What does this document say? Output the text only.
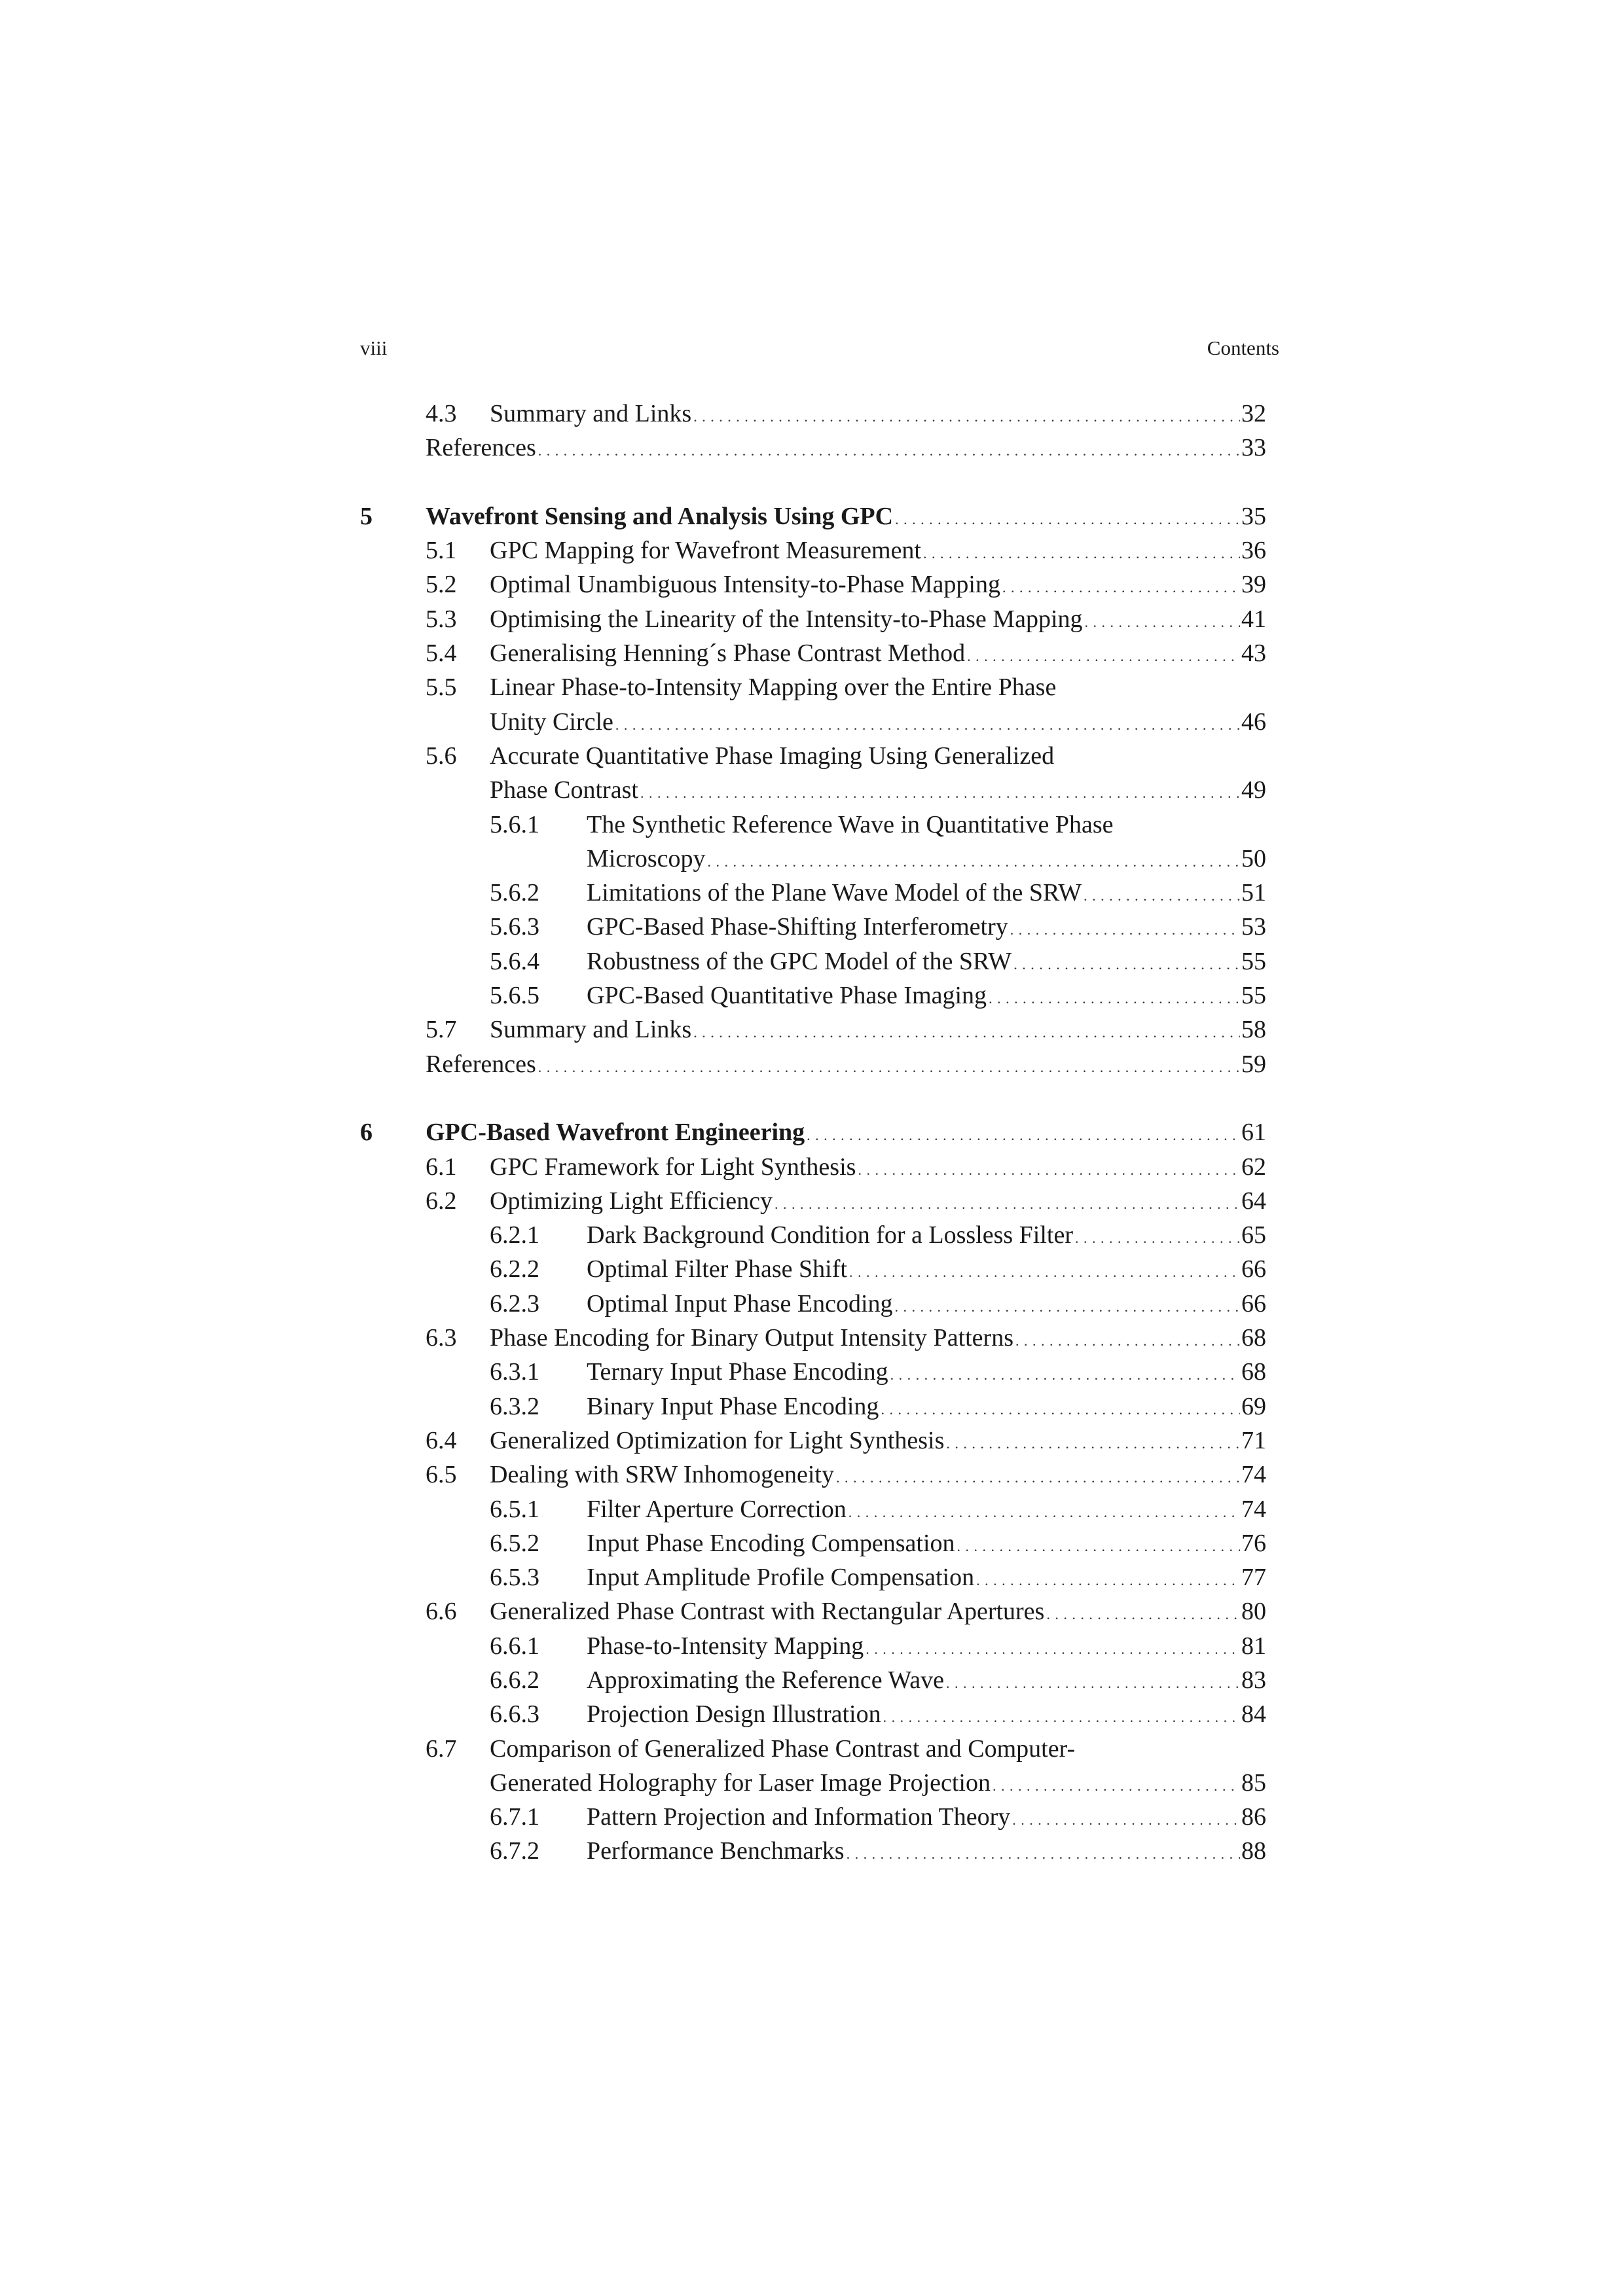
viii	Contents
4.3 Summary and Links . . .	32
References . . .	33
5 Wavefront Sensing and Analysis Using GPC . . .	35
5.1 GPC Mapping for Wavefront Measurement . . .	36
5.2 Optimal Unambiguous Intensity-to-Phase Mapping . . .	39
5.3 Optimising the Linearity of the Intensity-to-Phase Mapping . . .	41
5.4 Generalising Henning´s Phase Contrast Method . . .	43
5.5 Linear Phase-to-Intensity Mapping over the Entire Phase
Unity Circle . . .	46
5.6 Accurate Quantitative Phase Imaging Using Generalized
Phase Contrast . . .	49
5.6.1 The Synthetic Reference Wave in Quantitative Phase
Microscopy . . .	50
5.6.2 Limitations of the Plane Wave Model of the SRW . . .	51
5.6.3 GPC-Based Phase-Shifting Interferometry . . .	53
5.6.4 Robustness of the GPC Model of the SRW . . .	55
5.6.5 GPC-Based Quantitative Phase Imaging . . .	55
5.7 Summary and Links . . .	58
References . . .	59
6 GPC-Based Wavefront Engineering . . .	61
6.1 GPC Framework for Light Synthesis . . .	62
6.2 Optimizing Light Efficiency . . .	64
6.2.1 Dark Background Condition for a Lossless Filter . . .	65
6.2.2 Optimal Filter Phase Shift . . .	66
6.2.3 Optimal Input Phase Encoding . . .	66
6.3 Phase Encoding for Binary Output Intensity Patterns . . .	68
6.3.1 Ternary Input Phase Encoding . . .	68
6.3.2 Binary Input Phase Encoding . . .	69
6.4 Generalized Optimization for Light Synthesis . . .	71
6.5 Dealing with SRW Inhomogeneity . . .	74
6.5.1 Filter Aperture Correction . . .	74
6.5.2 Input Phase Encoding Compensation . . .	76
6.5.3 Input Amplitude Profile Compensation . . .	77
6.6 Generalized Phase Contrast with Rectangular Apertures . . .	80
6.6.1 Phase-to-Intensity Mapping . . .	81
6.6.2 Approximating the Reference Wave . . .	83
6.6.3 Projection Design Illustration . . .	84
6.7 Comparison of Generalized Phase Contrast and Computer-
Generated Holography for Laser Image Projection . . .	85
6.7.1 Pattern Projection and Information Theory . . .	86
6.7.2 Performance Benchmarks . . .	88
